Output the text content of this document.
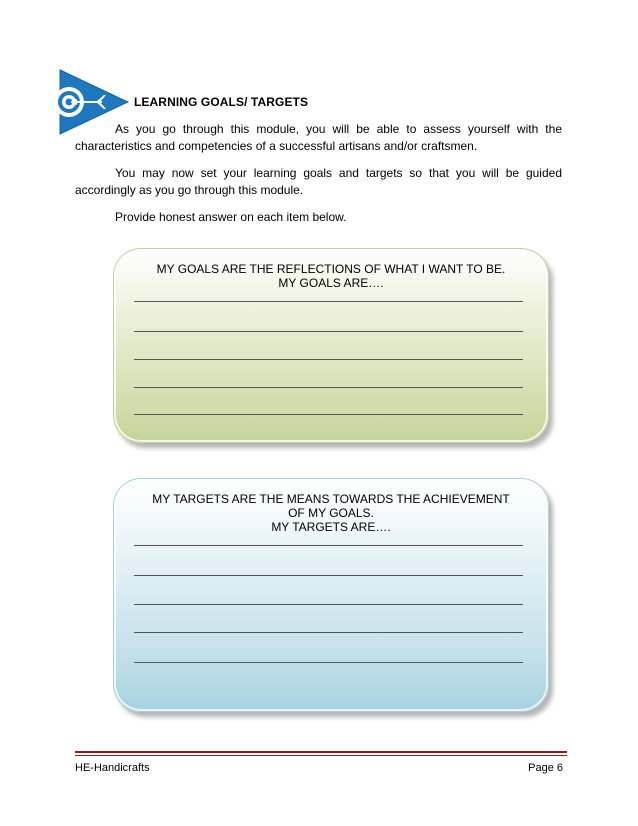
LEARNING GOALS/ TARGETS
As you go through this module, you will be able to assess yourself with the characteristics and competencies of a successful artisans and/or craftsmen.
You may now set your learning goals and targets so that you will be guided accordingly as you go through this module.
Provide honest answer on each item below.
MY GOALS ARE THE REFLECTIONS OF WHAT I WANT TO BE.
MY GOALS ARE….
MY TARGETS ARE THE MEANS TOWARDS THE ACHIEVEMENT
OF MY GOALS.
MY TARGETS ARE….
HE-Handicrafts	Page 6
